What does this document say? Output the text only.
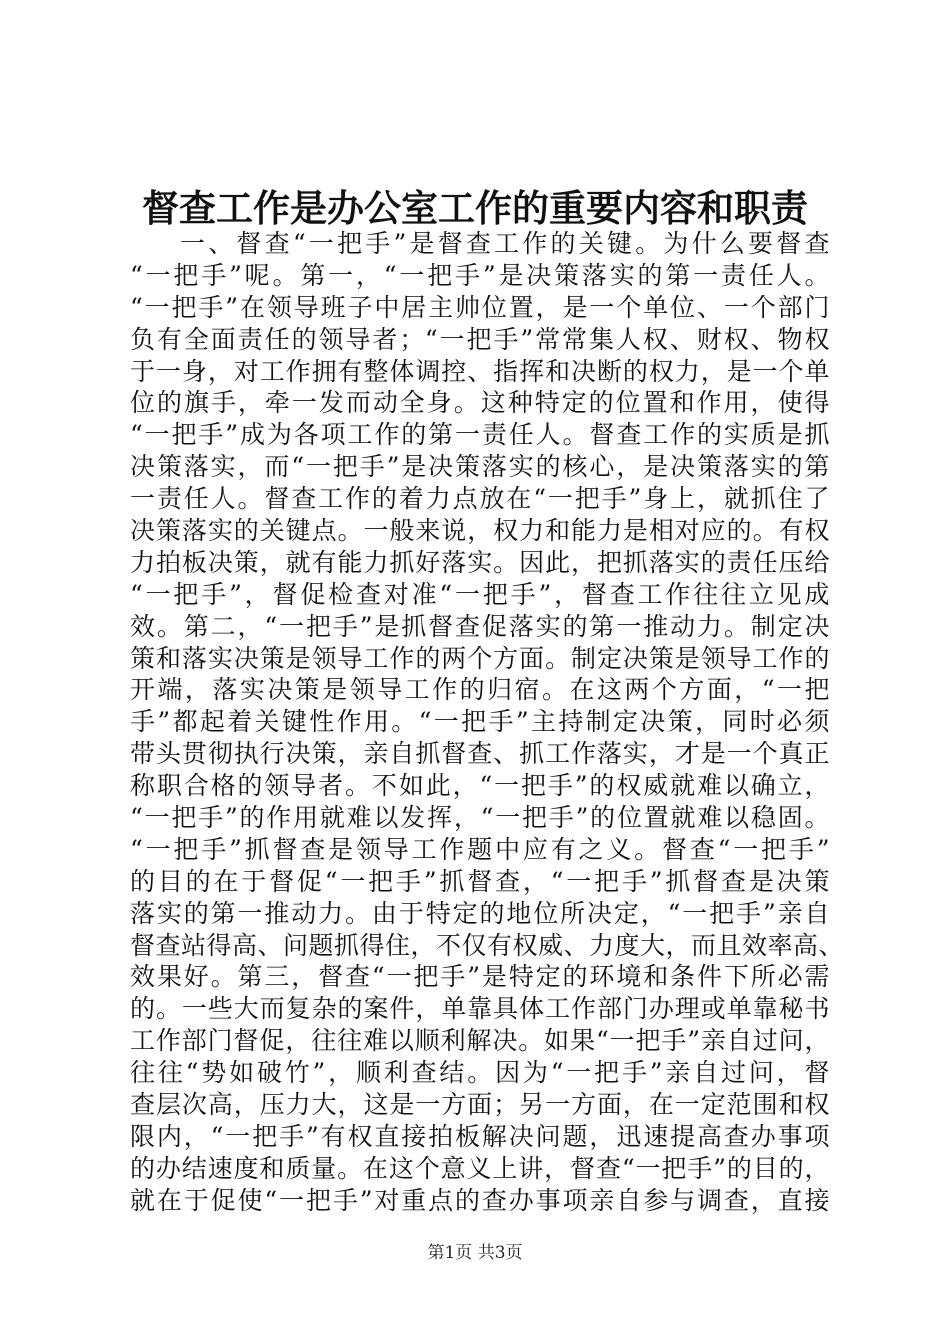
督查工作是办公室工作的重要内容和职责
一、督查“一把手”是督查工作的关键。为什么要督查
“一把手”呢。第一，“一把手”是决策落实的第一责任人。
“一把手”在领导班子中居主帅位置，是一个单位、一个部门
负有全面责任的领导者；“一把手”常常集人权、财权、物权
于一身，对工作拥有整体调控、指挥和决断的权力，是一个单
位的旗手，牵一发而动全身。这种特定的位置和作用，使得
“一把手”成为各项工作的第一责任人。督查工作的实质是抓
决策落实，而“一把手”是决策落实的核心，是决策落实的第
一责任人。督查工作的着力点放在“一把手”身上，就抓住了
决策落实的关键点。一般来说，权力和能力是相对应的。有权
力拍板决策，就有能力抓好落实。因此，把抓落实的责任压给
“一把手”，督促检查对准“一把手”，督查工作往往立见成
效。第二，“一把手”是抓督查促落实的第一推动力。制定决
策和落实决策是领导工作的两个方面。制定决策是领导工作的
开端，落实决策是领导工作的归宿。在这两个方面，“一把
手”都起着关键性作用。“一把手”主持制定决策，同时必须
带头贯彻执行决策，亲自抓督查、抓工作落实，才是一个真正
称职合格的领导者。不如此，“一把手”的权威就难以确立，
“一把手”的作用就难以发挥，“一把手”的位置就难以稳固。
“一把手”抓督查是领导工作题中应有之义。督查“一把手”
的目的在于督促“一把手”抓督查，“一把手”抓督查是决策
落实的第一推动力。由于特定的地位所决定，“一把手”亲自
督查站得高、问题抓得住，不仅有权威、力度大，而且效率高、
效果好。第三，督查“一把手”是特定的环境和条件下所必需
的。一些大而复杂的案件，单靠具体工作部门办理或单靠秘书
工作部门督促，往往难以顺利解决。如果“一把手”亲自过问，
往往“势如破竹”，顺利查结。因为“一把手”亲自过问，督
查层次高，压力大，这是一方面；另一方面，在一定范围和权
限内，“一把手”有权直接拍板解决问题，迅速提高查办事项
的办结速度和质量。在这个意义上讲，督查“一把手”的目的，
就在于促使“一把手”对重点的查办事项亲自参与调查，直接
第1页 共3页
